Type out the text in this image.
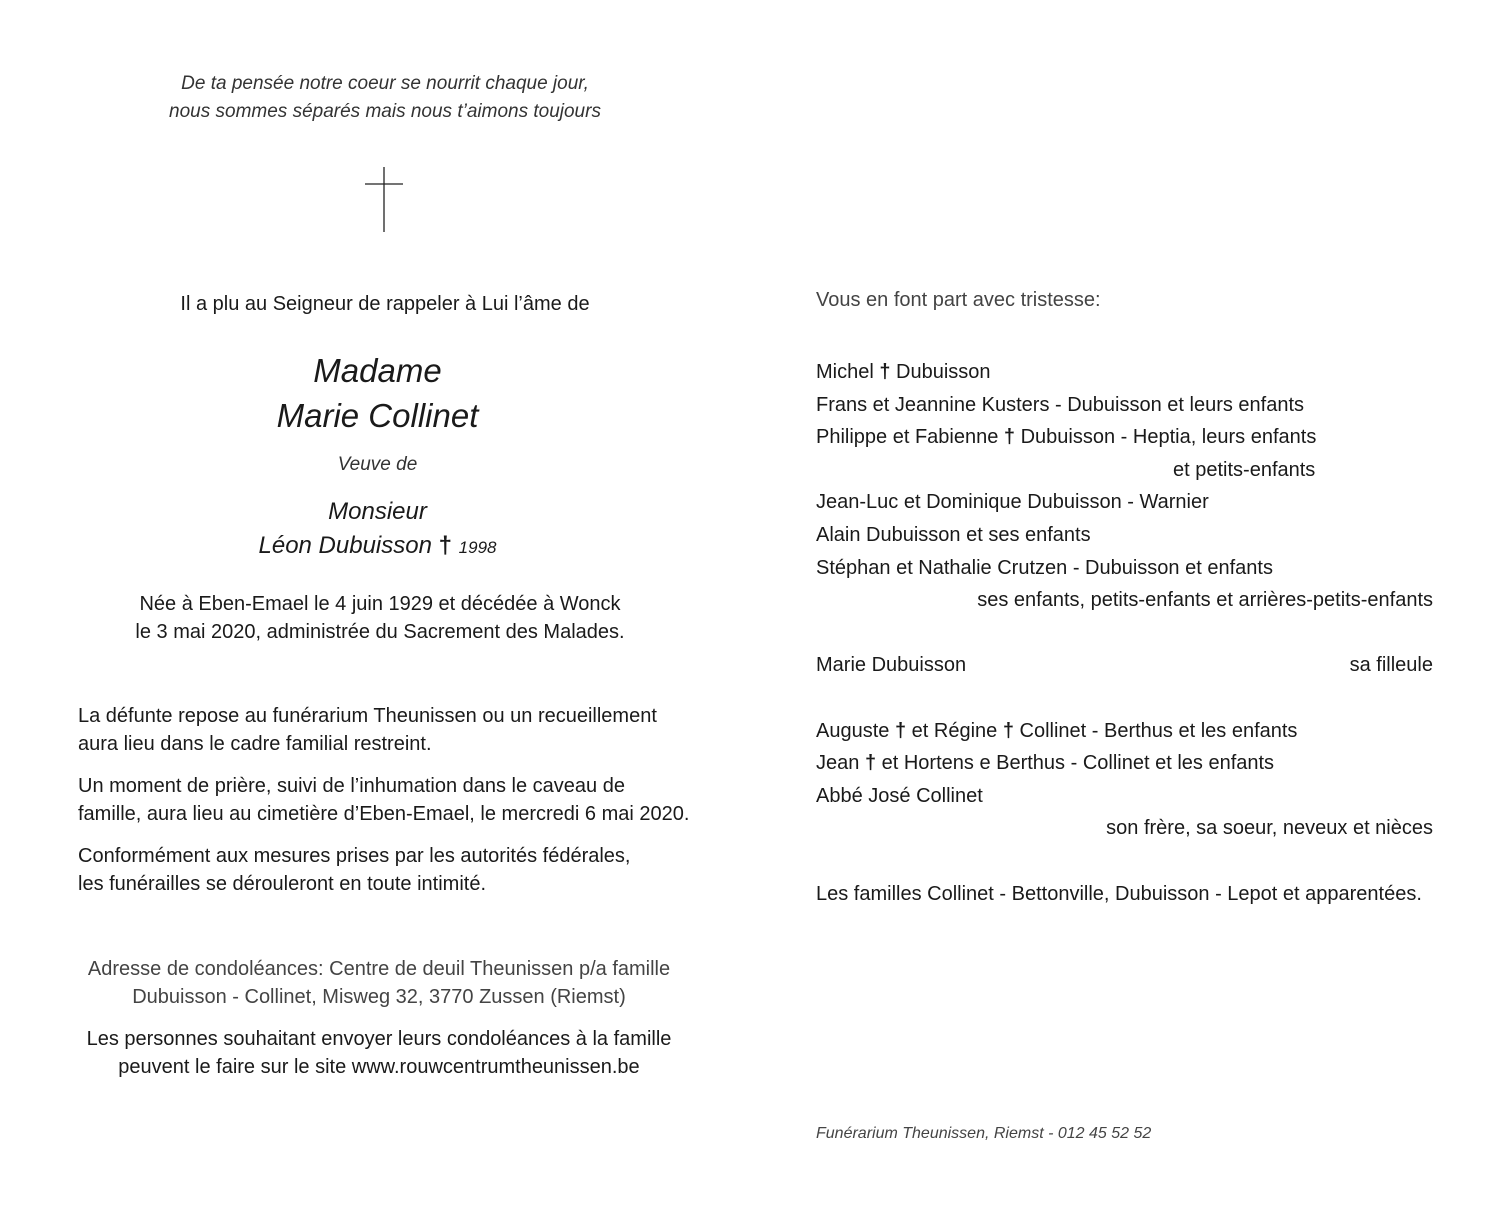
De ta pensée notre coeur se nourrit chaque jour,
nous sommes séparés mais nous t’aimons toujours
Il a plu au Seigneur de rappeler à Lui l’âme de
Madame
Marie Collinet
Veuve de
Monsieur
Léon Dubuisson † 1998
Née à Eben-Emael le 4 juin 1929 et décédée à Wonck
le 3 mai 2020, administrée du Sacrement des Malades.

La défunte repose au funérarium Theunissen ou un recueillement
aura lieu dans le cadre familial restreint.

Un moment de prière, suivi de l’inhumation dans le caveau de
famille, aura lieu au cimetière d’Eben-Emael, le mercredi 6 mai 2020.

Conformément aux mesures prises par les autorités fédérales,
les funérailles se dérouleront en toute intimité.

Adresse de condoléances: Centre de deuil Theunissen p/a famille
Dubuisson - Collinet, Misweg 32, 3770 Zussen (Riemst)

Les personnes souhaitant envoyer leurs condoléances à la famille
peuvent le faire sur le site www.rouwcentrumtheunissen.be

Vous en font part avec tristesse:
Michel † Dubuisson
Frans et Jeannine Kusters - Dubuisson et leurs enfants
Philippe et Fabienne † Dubuisson - Heptia, leurs enfants
et petits-enfants
Jean-Luc et Dominique Dubuisson - Warnier
Alain Dubuisson et ses enfants
Stéphan et Nathalie Crutzen - Dubuisson et enfants
ses enfants, petits-enfants et arrières-petits-enfants
Marie Dubuisson	sa filleule
Auguste † et Régine † Collinet - Berthus et les enfants
Jean † et Hortens e Berthus - Collinet et les enfants
Abbé José Collinet
son frère, sa soeur, neveux et nièces
Les familles Collinet - Bettonville, Dubuisson - Lepot et apparentées.
Funérarium Theunissen, Riemst - 012 45 52 52
